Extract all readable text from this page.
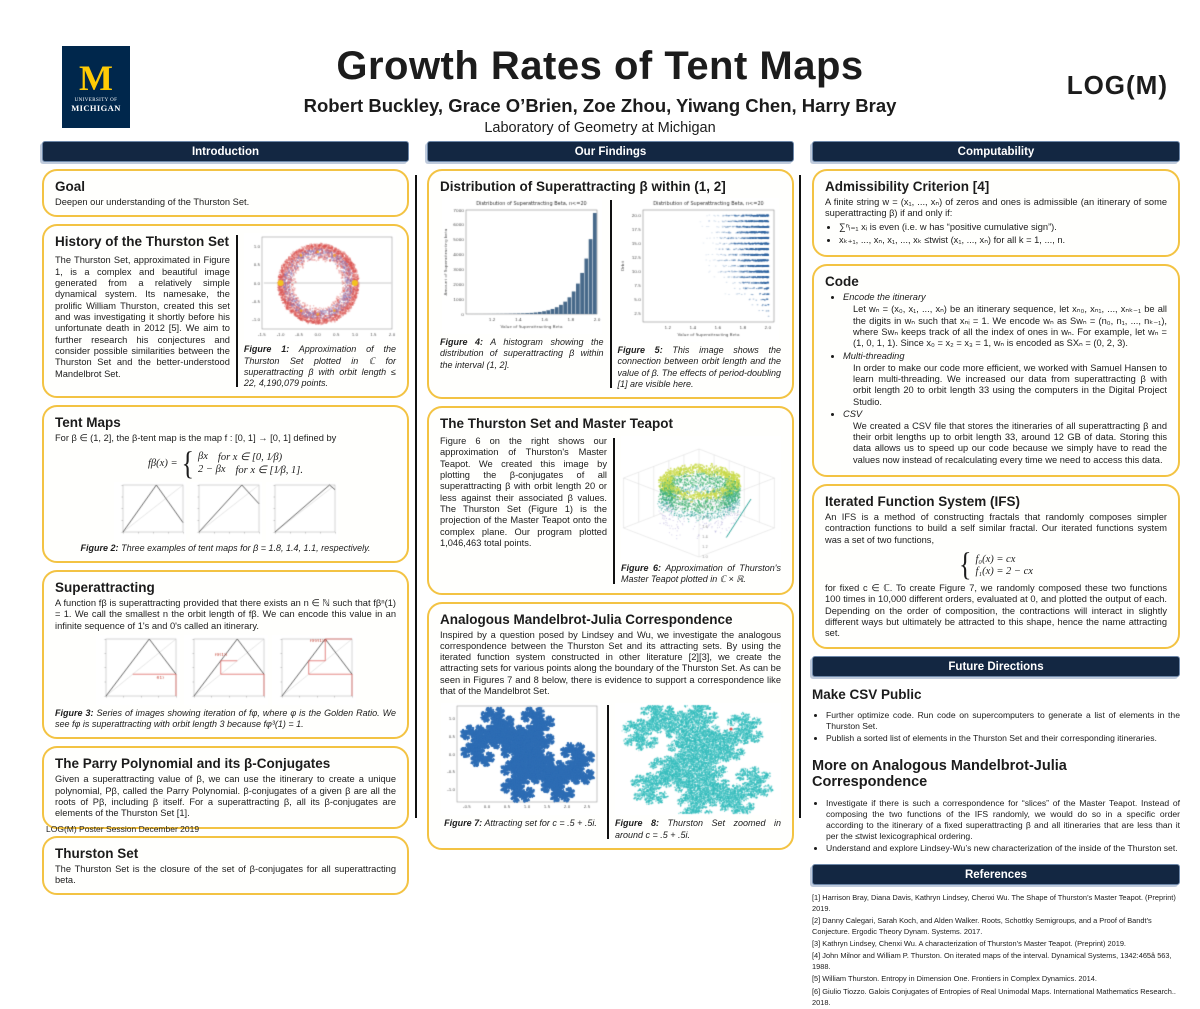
M
UNIVERSITY OF
MICHIGAN
Growth Rates of Tent Maps
Robert Buckley, Grace O’Brien, Zoe Zhou, Yiwang Chen, Harry Bray
Laboratory of Geometry at Michigan
LOG(M)
Introduction
Goal
Deepen our understanding of the Thurston Set.
History of the Thurston Set
The Thurston Set, approximated in Figure 1, is a complex and beautiful image generated from a relatively simple dynamical system. Its namesake, the prolific William Thurston, created this set and was investigating it shortly before his unfortunate death in 2012 [5]. We aim to further research his conjectures and consider possible similarities between the Thurston Set and the better-understood Mandelbrot Set.
Figure 1: Approximation of the Thurston Set plotted in ℂ for superattracting β with orbit length ≤ 22, 4,190,079 points.
Tent Maps
For β ∈ (1, 2], the β-tent map is the map f : [0, 1] → [0, 1] defined by
fβ(x) = { βx for x ∈ [0, 1⁄β)
2 − βx for x ∈ [1⁄β, 1].
Figure 2: Three examples of tent maps for β = 1.8, 1.4, 1.1, respectively.
Superattracting
A function fβ is superattracting provided that there exists an n ∈ ℕ such that fβⁿ(1) = 1. We call the smallest n the orbit length of fβ. We can encode this value in an infinite sequence of 1's and 0's called an itinerary.
Figure 3: Series of images showing iteration of fφ, where φ is the Golden Ratio. We see fφ is superattracting with orbit length 3 because fφ³(1) = 1.
The Parry Polynomial and its β-Conjugates
Given a superattracting value of β, we can use the itinerary to create a unique polynomial, Pβ, called the Parry Polynomial. β-conjugates of a given β are all the roots of Pβ, including β itself. For a superattracting β, all its β-conjugates are elements of the Thurston Set [1].
Thurston Set
The Thurston Set is the closure of the set of β-conjugates for all superattracting beta.
Our Findings
Distribution of Superattracting β within (1, 2]
Figure 4: A histogram showing the distribution of superattracting β within the interval (1, 2].
Figure 5: This image shows the connection between orbit length and the value of β. The effects of period-doubling [1] are visible here.
The Thurston Set and Master Teapot
Figure 6 on the right shows our approximation of Thurston's Master Teapot. We created this image by plotting the β-conjugates of all superattracting β with orbit length 20 or less against their associated β values. The Thurston Set (Figure 1) is the projection of the Master Teapot onto the complex plane. Our program plotted 1,046,463 total points.
Figure 6: Approximation of Thurston's Master Teapot plotted in ℂ × ℝ.
Analogous Mandelbrot-Julia Correspondence
Inspired by a question posed by Lindsey and Wu, we investigate the analogous correspondence between the Thurston Set and its attracting sets. By using the iterated function system constructed in other literature [2][3], we create the attracting sets for various points along the boundary of the Thurston Set. As can be seen in Figures 7 and 8 below, there is evidence to support a correspondence like that of the Mandelbrot Set.
Figure 7: Attracting set for c = .5 + .5i. Figure 8: Thurston Set zoomed in around c = .5 + .5i.
Computability
Admissibility Criterion [4]
A finite string w = (x₁, ..., xₙ) of zeros and ones is admissible (an itinerary of some superattracting β) if and only if:
• ∑ⁿᵢ₌₁ xᵢ is even (i.e. w has “positive cumulative sign”).
• xₖ₊₁, ..., xₙ, x₁, ..., xₖ ≤twist (x₁, ..., xₙ) for all k = 1, ..., n.
Code
• Encode the itinerary
Let wₙ = (x₀, x₁, ..., xₙ) be an itinerary sequence, let xₙ₀, xₙ₁, ..., xₙₖ₋₁ be all the digits in wₙ such that xₙᵢ = 1. We encode wₙ as Swₙ = (n₀, n₁, ..., nₖ₋₁), where Swₙ keeps track of all the index of ones in wₙ. For example, let wₙ = (1, 0, 1, 1). Since x₀ = x₂ = x₃ = 1, wₙ is encoded as SXₙ = (0, 2, 3).
• Multi-threading
In order to make our code more efficient, we worked with Samuel Hansen to learn multi-threading. We increased our data from superattracting β with orbit length 20 to orbit length 33 using the computers in the Digital Project Studio.
• CSV
We created a CSV file that stores the itineraries of all superattracting β and their orbit lengths up to orbit length 33, around 12 GB of data. Storing this data allows us to speed up our code because we simply have to read the values now instead of recalculating every time we need to access this data.
Iterated Function System (IFS)
An IFS is a method of constructing fractals that randomly composes simpler contraction functions to build a self similar fractal. Our iterated functions system was a set of two functions,
{ f₀(x) = cx
f₁(x) = 2 − cx
for fixed c ∈ ℂ. To create Figure 7, we randomly composed these two functions 100 times in 10,000 different orders, evaluated at 0, and plotted the output of each. Depending on the order of composition, the contractions will interact in slightly different ways but ultimately be attracted to this shape, hence the name attracting set.
Future Directions
Make CSV Public
• Further optimize code. Run code on supercomputers to generate a list of elements in the Thurston Set.
• Publish a sorted list of elements in the Thurston Set and their corresponding itineraries.
More on Analogous Mandelbrot-Julia Correspondence
• Investigate if there is such a correspondence for “slices” of the Master Teapot. Instead of composing the two functions of the IFS randomly, we would do so in a specific order according to the itinerary of a fixed superattracting β and all itineraries that are less than it per the ≤twist lexicographical ordering.
• Understand and explore Lindsey-Wu’s new characterization of the inside of the Thurston set.
References
[1] Harrison Bray, Diana Davis, Kathryn Lindsey, Chenxi Wu. The Shape of Thurston’s Master Teapot. (Preprint) 2019.
[2] Danny Calegari, Sarah Koch, and Alden Walker. Roots, Schottky Semigroups, and a Proof of Bandt’s Conjecture. Ergodic Theory Dynam. Systems. 2017.
[3] Kathryn Lindsey, Chenxi Wu. A characterization of Thurston’s Master Teapot. (Preprint) 2019.
[4] John Milnor and William P. Thurston. On iterated maps of the interval. Dynamical Systems, 1342:465â 563, 1988.
[5] William Thurston. Entropy in Dimension One. Frontiers in Complex Dynamics. 2014.
[6] Giulio Tiozzo. Galois Conjugates of Entropies of Real Unimodal Maps. International Mathematics Research.. 2018.
LOG(M) Poster Session December 2019
